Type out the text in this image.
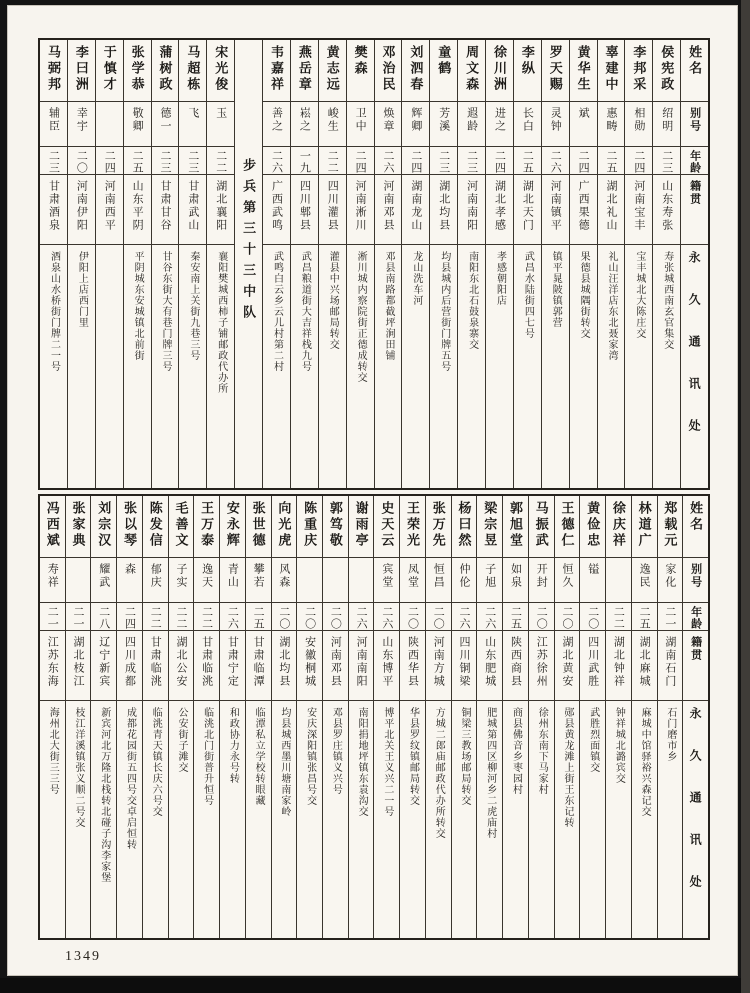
姓名
别号
年龄
籍贯
永久通讯处
侯宪政
绍明
二三
山东寿张
寿张城西南玄官集交
李邦采
相勋
二四
河南宝丰
宝丰城北大陈庄交
辜建中
惠畴
二五
湖北礼山
礼山汪洋店东北聂家湾
黄华生
斌
二四
广西果德
果德县城隅街转交
罗天赐
灵钟
二六
河南镇平
镇平晁陂镇郭营
李纵
长白
二五
湖北天门
武昌水陆街四七号
徐川洲
进之
二四
湖北孝感
孝感朝阳店
周文森
遐龄
二三
河南南阳
南阳东北石鼓泉寨交
童鹤
芳溪
二三
湖北均县
均县城内后营街门牌五号
刘泗春
辉卿
二四
湖南龙山
龙山洗车河
邓治民
焕章
二六
河南邓县
邓县南路都截坪涧田铺
樊森
卫中
二四
河南淅川
淅川城内察院街正德成转交
黄志远
峻生
二二
四川灌县
灌县中兴场邮局转交
燕岳章
崧之
一九
四川郫县
武昌粮道街大吉祥栈九号
韦嘉祥
善之
二六
广西武鸣
武鸣白云乡云儿村第二村
步兵第三十三中队
宋光俊
玉
二二
湖北襄阳
襄阳樊城西柿子铺邮政代办所
马超栋
飞
二三
甘肃武山
秦安南上关街九巷三号
蒲树政
德一
二三
甘肃甘谷
甘谷东街大有巷门牌三号
张学恭
敬卿
二五
山东平阴
平阴城东安城镇北前街
于慎才
二四
河南西平
李曰洲
幸宇
二〇
河南伊阳
伊阳上店西门里
马弼邦
辅臣
二三
甘肃酒泉
酒泉山水桥街门牌二一号
姓名
别号
年龄
籍贯
永久通讯处
郑载元
家化
二一
湖南石门
石门磨市乡
林道广
逸民
二五
湖北麻城
麻城中馆驿裕兴森记交
徐庆祥
二二
湖北钟祥
钟祥城北潞宾交
黄俭忠
镒
二〇
四川武胜
武胜烈面镇交
王德仁
恒久
二〇
湖北黄安
郧县黄龙滩上街王东记转
马振武
开封
二〇
江苏徐州
徐州东南下马家村
郭旭堂
如泉
二五
陕西商县
商县佛音乡枣园村
梁宗昱
子旭
二六
山东肥城
肥城第四区柳河乡二虎庙村
杨曰然
仲伦
二六
四川铜梁
铜梁三教场邮局转交
张万先
恒昌
二〇
河南方城
方城二郎庙邮政代办所转交
王荣光
凤堂
二〇
陕西华县
华县罗纹镇邮局转交
史天云
宾堂
二六
山东博平
博平北关王义兴二一号
谢雨亭
二六
河南南阳
南阳捐地坪镇东袁沟交
郭笃敬
二〇
河南邓县
邓县罗庄镇义兴号
陈重庆
二〇
安徽桐城
安庆深阳镇张昌号交
向光虎
风森
二〇
湖北均县
均县城西墨川塘南家岭
张世德
攀若
二五
甘肃临潭
临潭私立学校转眼藏
安永辉
青山
二六
甘肃宁定
和政协力永号转
王万泰
逸天
二二
甘肃临洮
临洮北门街普升恒号
毛善文
子实
二二
湖北公安
公安街子滩交
陈发信
郁庆
二二
甘肃临洮
临洮青天镇长庆六号交
张以琴
森
二四
四川成都
成都花园街五四号交卓启恒转
刘宗汉
耀武
二八
辽宁新宾
新宾河北万隆北栈转北碰子沟李家堡
张家典
二一
湖北枝江
枝江洋溪镇张义顺二号交
冯西斌
寿祥
二一
江苏东海
海州北大街三三号
1349
